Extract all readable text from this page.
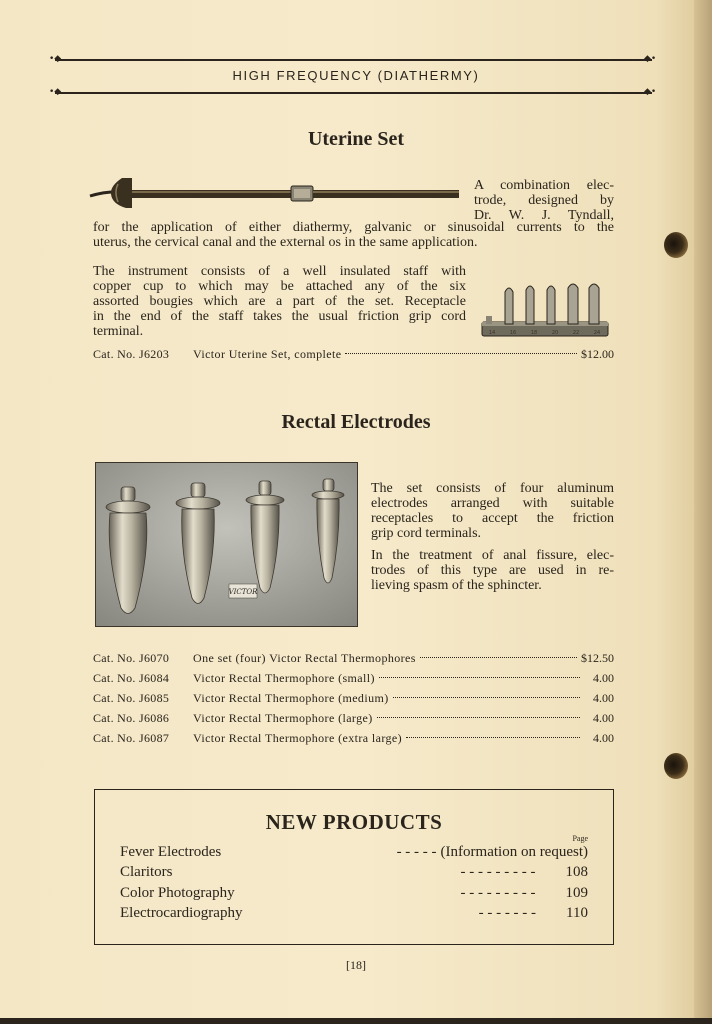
•◆	◆•
HIGH FREQUENCY (DIATHERMY)
•◆	◆•
Uterine Set
A combination elec-
trode, designed by
Dr. W. J. Tyndall,
for the application of either diathermy, galvanic or sinusoidal currents to the
uterus, the cervical canal and the external os in the same application.
The instrument consists of a well insulated staff with
copper cup to which may be attached any of the six
assorted bougies which are a part of the set. Receptacle
in the end of the staff takes the usual friction grip cord
terminal.	14	16	18	20	22	24
Cat. No. J6203	Victor Uterine Set, complete	$12.00
Rectal Electrodes
VICTOR
The set consists of four aluminum
electrodes arranged with suitable
receptacles to accept the friction
grip cord terminals.
In the treatment of anal fissure, elec-
trodes of this type are used in re-
lieving spasm of the sphincter.
Cat. No. J6070	One set (four) Victor Rectal Thermophores	$12.50
Cat. No. J6084	Victor Rectal Thermophore (small)	4.00
Cat. No. J6085	Victor Rectal Thermophore (medium)	4.00
Cat. No. J6086	Victor Rectal Thermophore (large)	4.00
Cat. No. J6087	Victor Rectal Thermophore (extra large)	4.00
NEW PRODUCTS
Page
Fever Electrodes	- - - - - (Information on request)
Claritors	- - - - - - - - -	108
Color Photography	- - - - - - - - -	109
Electrocardiography	- - - - - - -	110
[18]
